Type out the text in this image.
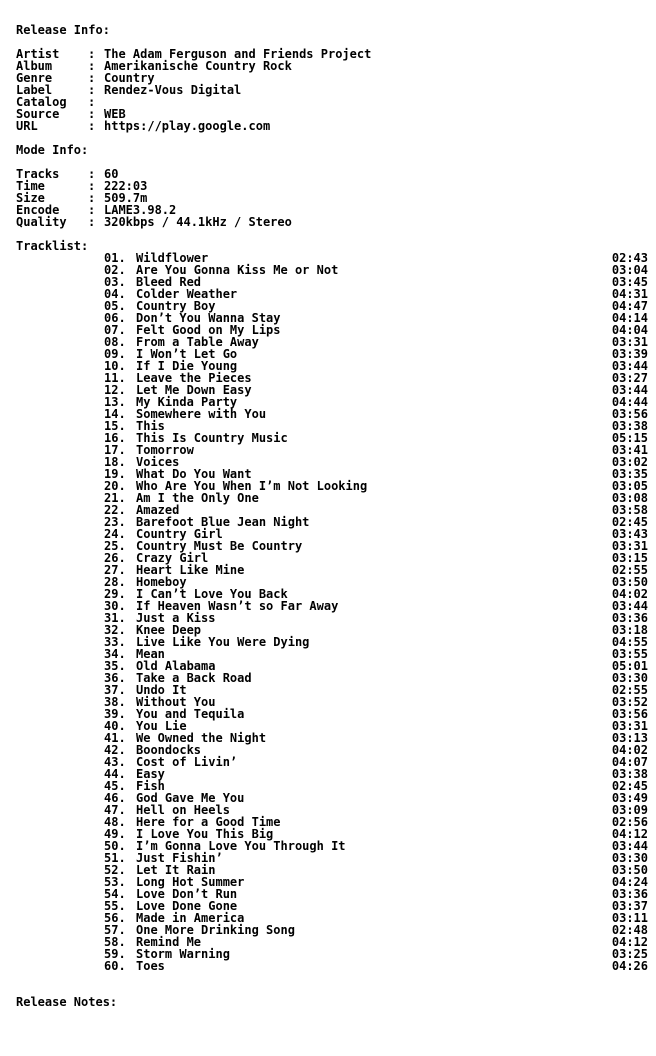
Release Info:
Artist : The Adam Ferguson and Friends Project
Album	: Amerikanische Country Rock
Genre	: Country
Label	: Rendez-Vous Digital
Catalog :
Source : WEB
URL	: https://play.google.com
Mode Info:
Tracks : 60
Time	: 222:03
Size	: 509.7m
Encode : LAME3.98.2
Quality : 320kbps / 44.1kHz / Stereo
Tracklist:
01. Wildflower	02:43
02. Are You Gonna Kiss Me or Not	03:04
03. Bleed Red	03:45
04. Colder Weather	04:31
05. Country Boy	04:47
06. Don’t You Wanna Stay	04:14
07. Felt Good on My Lips	04:04
08. From a Table Away	03:31
09. I Won’t Let Go	03:39
10. If I Die Young	03:44
11. Leave the Pieces	03:27
12. Let Me Down Easy	03:44
13. My Kinda Party	04:44
14. Somewhere with You	03:56
15. This	03:38
16. This Is Country Music	05:15
17. Tomorrow	03:41
18. Voices	03:02
19. What Do You Want	03:35
20. Who Are You When I’m Not Looking	03:05
21. Am I the Only One	03:08
22. Amazed	03:58
23. Barefoot Blue Jean Night	02:45
24. Country Girl	03:43
25. Country Must Be Country	03:31
26. Crazy Girl	03:15
27. Heart Like Mine	02:55
28. Homeboy	03:50
29. I Can’t Love You Back	04:02
30. If Heaven Wasn’t so Far Away	03:44
31. Just a Kiss	03:36
32. Knee Deep	03:18
33. Live Like You Were Dying	04:55
34. Mean	03:55
35. Old Alabama	05:01
36. Take a Back Road	03:30
37. Undo It	02:55
38. Without You	03:52
39. You and Tequila	03:56
40. You Lie	03:31
41. We Owned the Night	03:13
42. Boondocks	04:02
43. Cost of Livin’	04:07
44. Easy	03:38
45. Fish	02:45
46. God Gave Me You	03:49
47. Hell on Heels	03:09
48. Here for a Good Time	02:56
49. I Love You This Big	04:12
50. I’m Gonna Love You Through It	03:44
51. Just Fishin’	03:30
52. Let It Rain	03:50
53. Long Hot Summer	04:24
54. Love Don’t Run	03:36
55. Love Done Gone	03:37
56. Made in America	03:11
57. One More Drinking Song	02:48
58. Remind Me	04:12
59. Storm Warning	03:25
60. Toes	04:26
Release Notes:
